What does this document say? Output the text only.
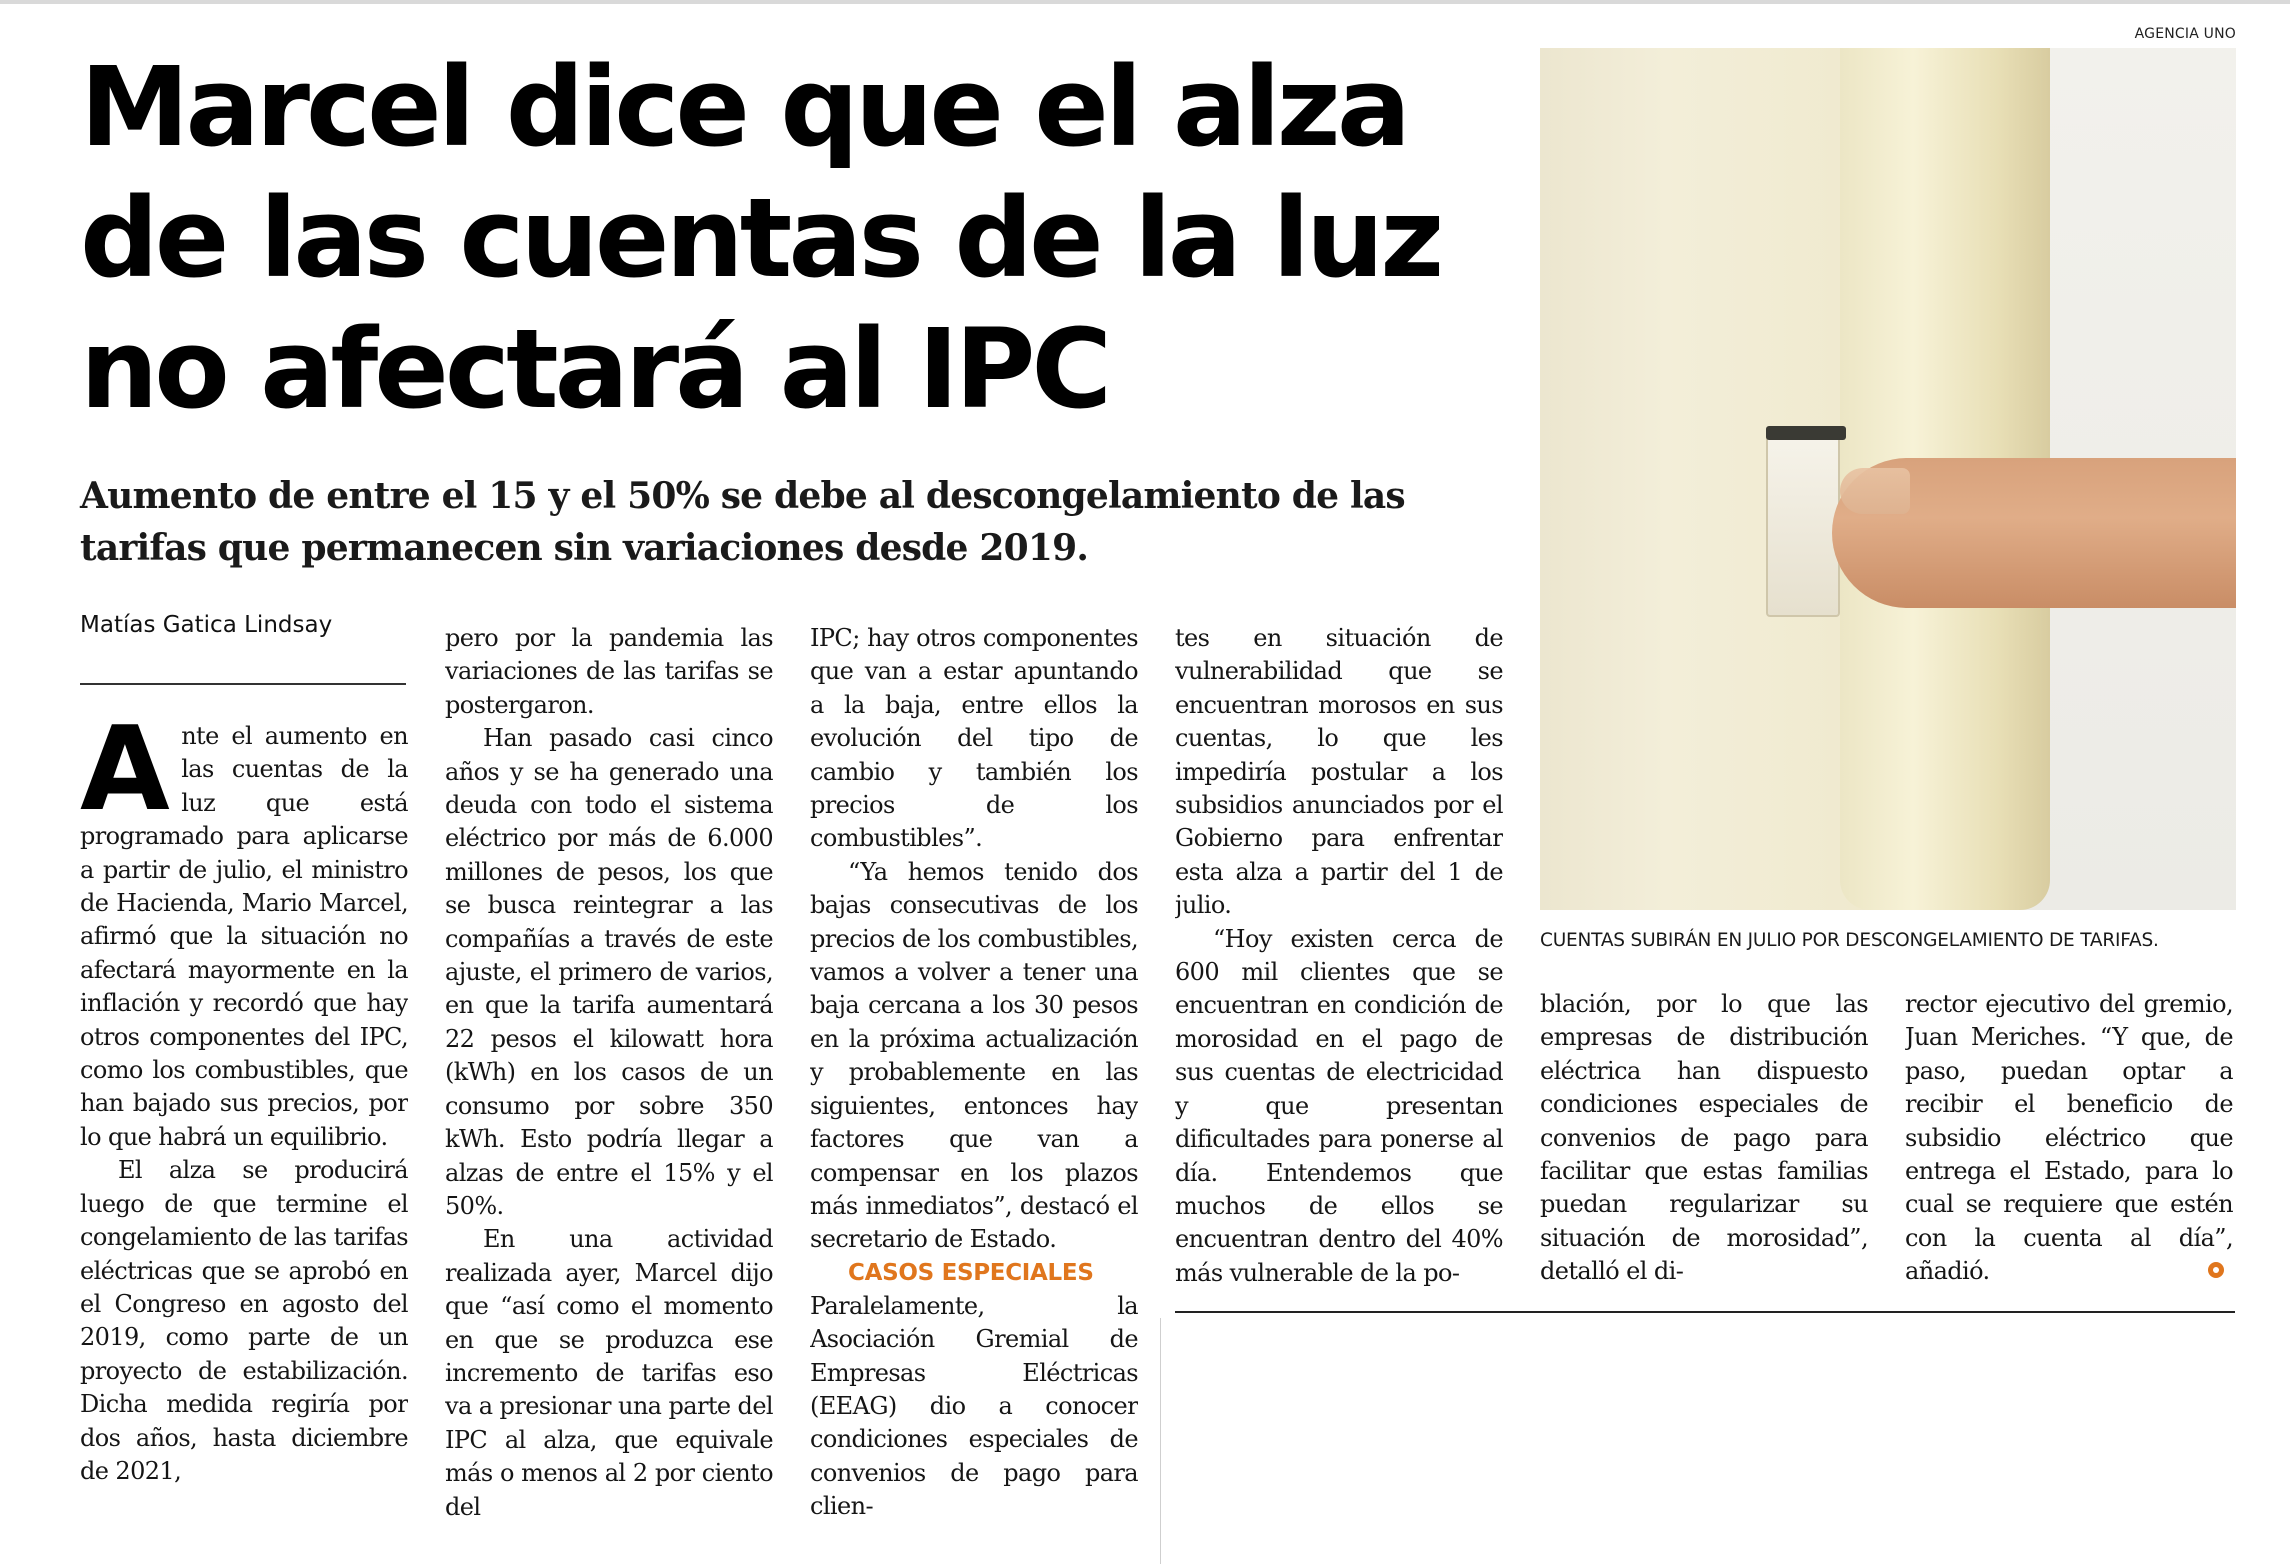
Marcel dice que el alza de las cuentas de la luz no afectará al IPC

Aumento de entre el 15 y el 50% se debe al descongelamiento de las tarifas que permanecen sin variaciones desde 2019.

Matías Gatica Lindsay

Ante el aumento en las cuentas de la luz que está programado para aplicarse a partir de julio, el ministro de Hacienda, Mario Marcel, afirmó que la situación no afectará mayormente en la inflación y recordó que hay otros componentes del IPC, como los combustibles, que han bajado sus precios, por lo que habrá un equilibrio.

El alza se producirá luego de que termine el congelamiento de las tarifas eléctricas que se aprobó en el Congreso en agosto del 2019, como parte de un proyecto de estabilización. Dicha medida regiría por dos años, hasta diciembre de 2021,

pero por la pandemia las variaciones de las tarifas se postergaron.

Han pasado casi cinco años y se ha generado una deuda con todo el sistema eléctrico por más de 6.000 millones de pesos, los que se busca reintegrar a las compañías a través de este ajuste, el primero de varios, en que la tarifa aumentará 22 pesos el kilowatt hora (kWh) en los casos de un consumo por sobre 350 kWh. Esto podría llegar a alzas de entre el 15% y el 50%.

En una actividad realizada ayer, Marcel dijo que “así como el momento en que se produzca ese incremento de tarifas eso va a presionar una parte del IPC al alza, que equivale más o menos al 2 por ciento del

IPC; hay otros componentes que van a estar apuntando a la baja, entre ellos la evolución del tipo de cambio y también los precios de los combustibles”.

“Ya hemos tenido dos bajas consecutivas de los precios de los combustibles, vamos a volver a tener una baja cercana a los 30 pesos en la próxima actualización y probablemente en las siguientes, entonces hay factores que van a compensar en los plazos más inmediatos”, destacó el secretario de Estado.

CASOS ESPECIALES

Paralelamente, la Asociación Gremial de Empresas Eléctricas (EEAG) dio a conocer condiciones especiales de convenios de pago para clien-

tes en situación de vulnerabilidad que se encuentran morosos en sus cuentas, lo que les impediría postular a los subsidios anunciados por el Gobierno para enfrentar esta alza a partir del 1 de julio.

“Hoy existen cerca de 600 mil clientes que se encuentran en condición de morosidad en el pago de sus cuentas de electricidad y que presentan dificultades para ponerse al día. Entendemos que muchos de ellos se encuentran dentro del 40% más vulnerable de la po-

blación, por lo que las empresas de distribución eléctrica han dispuesto condiciones especiales de convenios de pago para facilitar que estas familias puedan regularizar su situación de morosidad”, detalló el di-

rector ejecutivo del gremio, Juan Meriches. “Y que, de paso, puedan optar a recibir el beneficio de subsidio eléctrico que entrega el Estado, para lo cual se requiere que estén con la cuenta al día”, añadió.

AGENCIA UNO
CUENTAS SUBIRÁN EN JULIO POR DESCONGELAMIENTO DE TARIFAS.
